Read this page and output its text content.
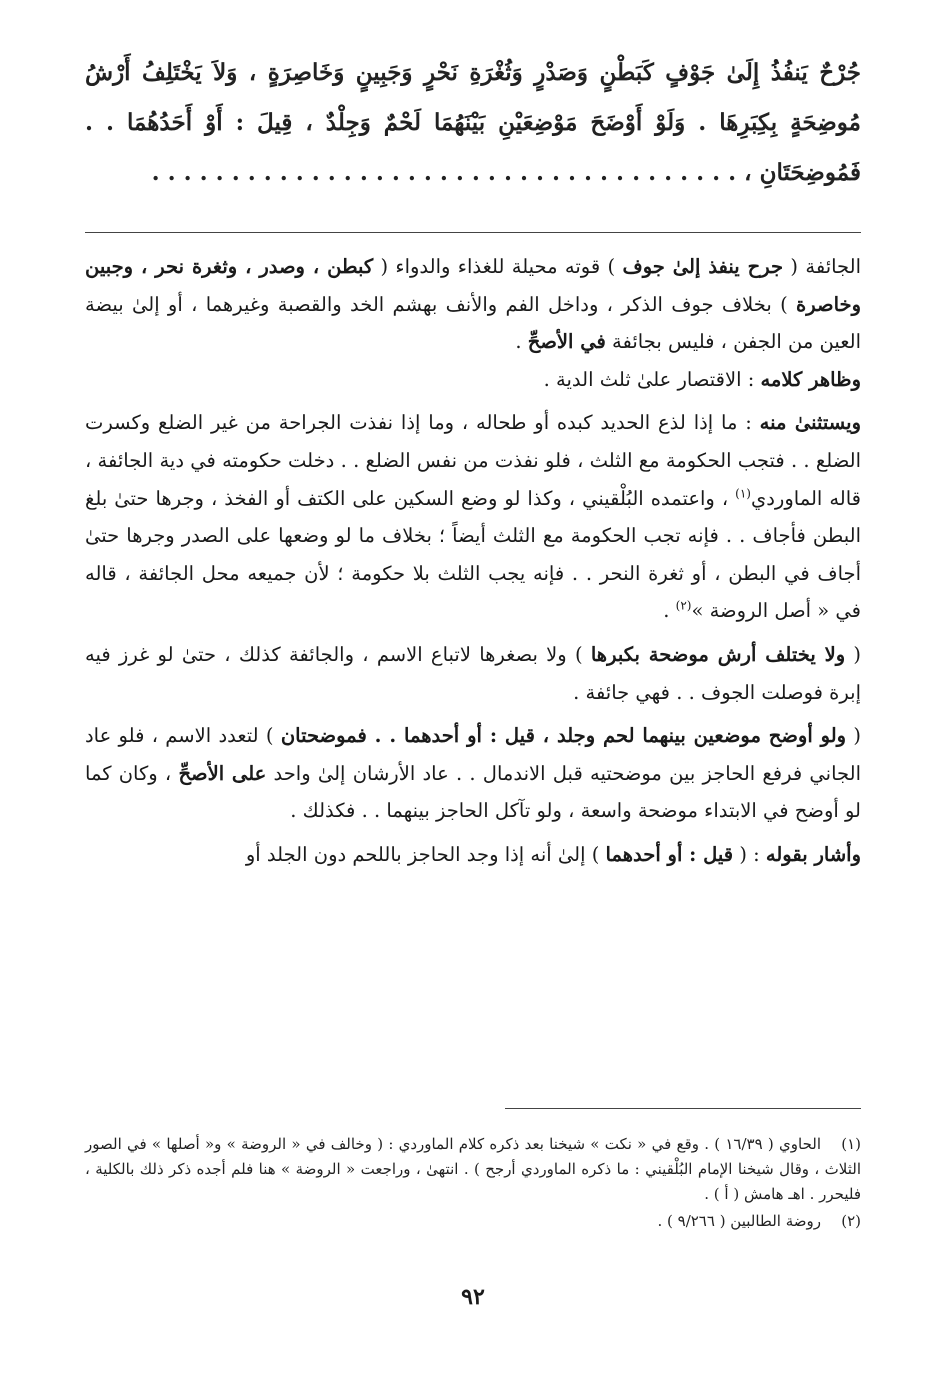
جُرْحٌ يَنفُذُ إِلَىٰ جَوْفٍ كَبَطْنٍ وَصَدْرٍ وَثُغْرَةِ نَحْرٍ وَجَبِينٍ وَخَاصِرَةٍ ، وَلاَ يَخْتَلِفُ أَرْشُ مُوضِحَةٍ بِكِبَرِهَا . وَلَوْ أَوْضَحَ مَوْضِعَيْنِ بَيْنَهُمَا لَحْمٌ وَجِلْدٌ ، قِيلَ : أَوْ أَحَدُهُمَا . . فَمُوضِحَتَانِ ، . . . . . . . . . . . . . . . . . . . . . . . . . . . . . . . . . . . . .

الجائفة ( جرح ينفذ إلىٰ جوف ) قوته محيلة للغذاء والدواء ( كبطن ، وصدر ، وثغرة نحر ، وجبين وخاصرة ) بخلاف جوف الذكر ، وداخل الفم والأنف بهشم الخد والقصبة وغيرهما ، أو إلىٰ بيضة العين من الجفن ، فليس بجائفة في الأصحِّ .

وظاهر كلامه : الاقتصار علىٰ ثلث الدية .

ويستثنىٰ منه : ما إذا لذع الحديد كبده أو طحاله ، وما إذا نفذت الجراحة من غير الضلع وكسرت الضلع . . فتجب الحكومة مع الثلث ، فلو نفذت من نفس الضلع . . دخلت حكومته في دية الجائفة ، قاله الماوردي$^{(١)}$ ، واعتمده البُلْقيني ، وكذا لو وضع السكين على الكتف أو الفخذ ، وجرها حتىٰ بلغ البطن فأجاف . . فإنه تجب الحكومة مع الثلث أيضاً ؛ بخلاف ما لو وضعها على الصدر وجرها حتىٰ أجاف في البطن ، أو ثغرة النحر . . فإنه يجب الثلث بلا حكومة ؛ لأن جميعه محل الجائفة ، قاله في « أصل الروضة »$^{(٢)}$ .

( ولا يختلف أرش موضحة بكبرها ) ولا بصغرها لاتباع الاسم ، والجائفة كذلك ، حتىٰ لو غرز فيه إبرة فوصلت الجوف . . فهي جائفة .

( ولو أوضح موضعين بينهما لحم وجلد ، قيل : أو أحدهما . . فموضحتان ) لتعدد الاسم ، فلو عاد الجاني فرفع الحاجز بين موضحتيه قبل الاندمال . . عاد الأرشان إلىٰ واحد على الأصحِّ ، وكان كما لو أوضح في الابتداء موضحة واسعة ، ولو تآكل الحاجز بينهما . . فكذلك .

وأشار بقوله : ( قيل : أو أحدهما ) إلىٰ أنه إذا وجد الحاجز باللحم دون الجلد أو

(١)الحاوي ( ١٦/٣٩ ) . وقع في « نكت » شيخنا بعد ذكره كلام الماوردي : ( وخالف في « الروضة » و« أصلها » في الصور الثلاث ، وقال شيخنا الإمام البُلْقيني : ما ذكره الماوردي أرجح ) . انتهىٰ ، وراجعت « الروضة » هنا فلم أجده ذكر ذلك بالكلية ، فليحرر . اهـ هامش ( أ ) .

(٢)روضة الطالبين ( ٩/٢٦٦ ) .

٩٢
